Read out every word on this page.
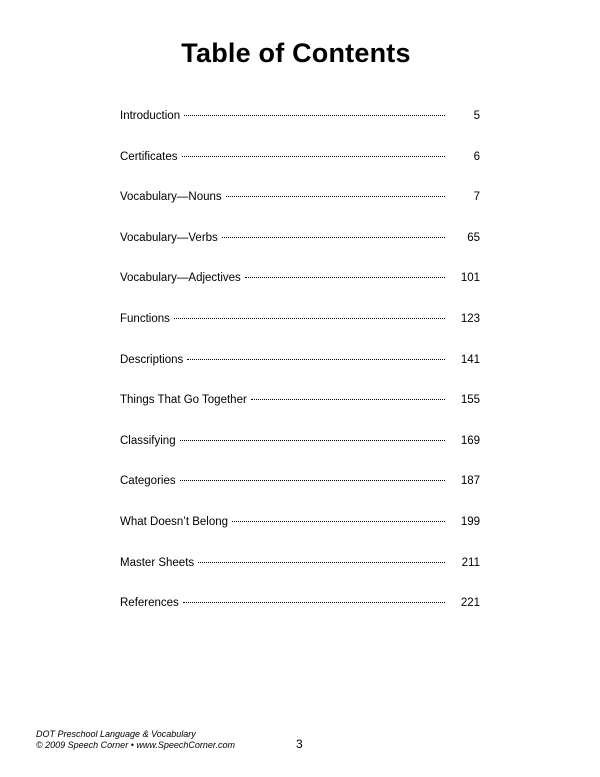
Table of Contents
Introduction	5
Certificates	6
Vocabulary—Nouns	7
Vocabulary—Verbs	65
Vocabulary—Adjectives	101
Functions	123
Descriptions	141
Things That Go Together	155
Classifying	169
Categories	187
What Doesn’t Belong	199
Master Sheets	211
References	221
DOT Preschool Language & Vocabulary
© 2009 Speech Corner • www.SpeechCorner.com	3
